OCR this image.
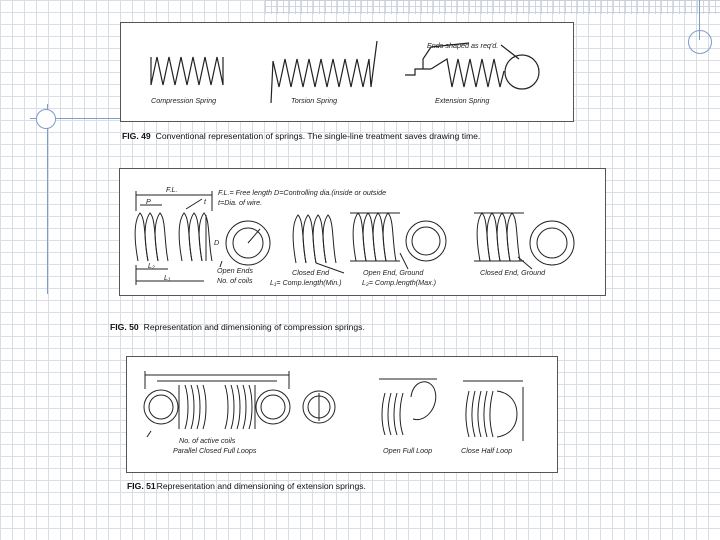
Compression Spring	Torsion Spring	Extension Spring
Ends shaped as req'd.
FIG. 49 Conventional representation of springs. The single-line treatment saves drawing time.
F.L.
P	t
D
L₂
L₁
F.L.= Free length D=Controlling dia.(inside or outside
t=Dia. of wire.
Open Ends
No. of coils
Closed End	Open End, Ground	Closed End, Ground
L₁= Comp.length(Min.)	L₂= Comp.length(Max.)
FIG. 50 Representation and dimensioning of compression springs.
No. of active coils
Parallel Closed Full Loops	Open Full Loop	Close Half Loop
FIG. 51Representation and dimensioning of extension springs.
